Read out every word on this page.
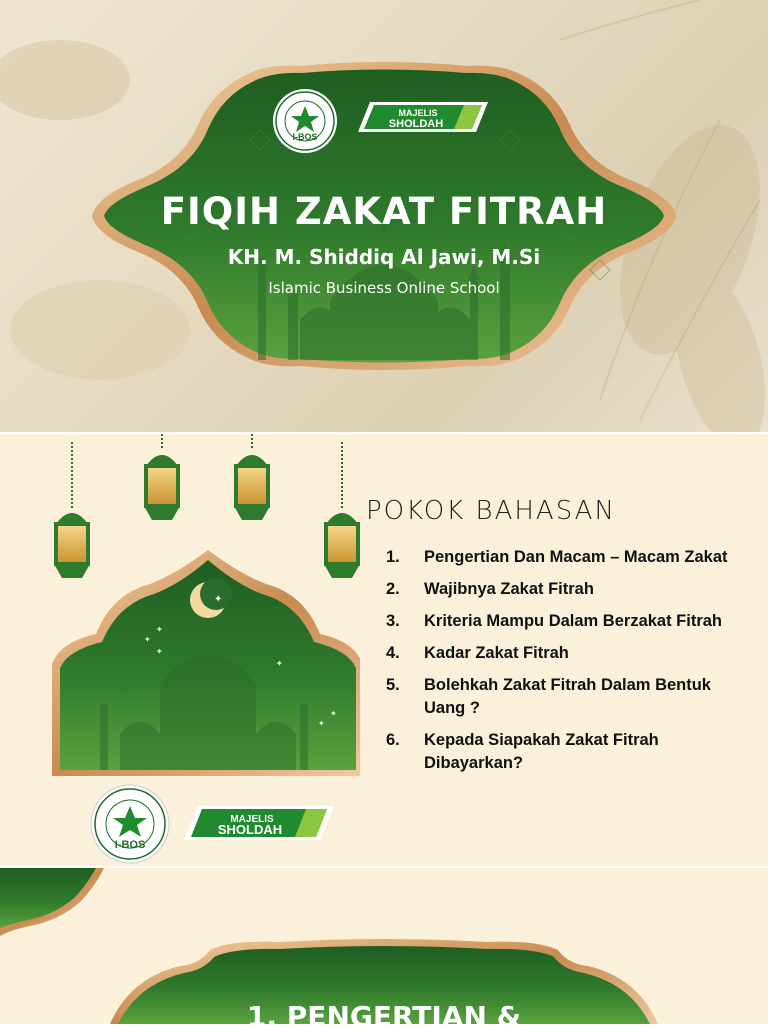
I-BOS
MAJELIS
SHOLDAH
FIQIH ZAKAT FITRAH
KH. M. Shiddiq Al Jawi, M.Si
Islamic Business Online School
✦
✦
✦
✦
✦
✦
✦
I-BOS
MAJELIS
SHOLDAH
POKOK BAHASAN
1.	Pengertian Dan Macam – Macam Zakat
2.	Wajibnya Zakat Fitrah
3.	Kriteria Mampu Dalam Berzakat Fitrah
4.	Kadar Zakat Fitrah
5.	Bolehkah Zakat Fitrah Dalam Bentuk Uang ?
6.	Kepada Siapakah Zakat Fitrah Dibayarkan?
1. PENGERTIAN &
